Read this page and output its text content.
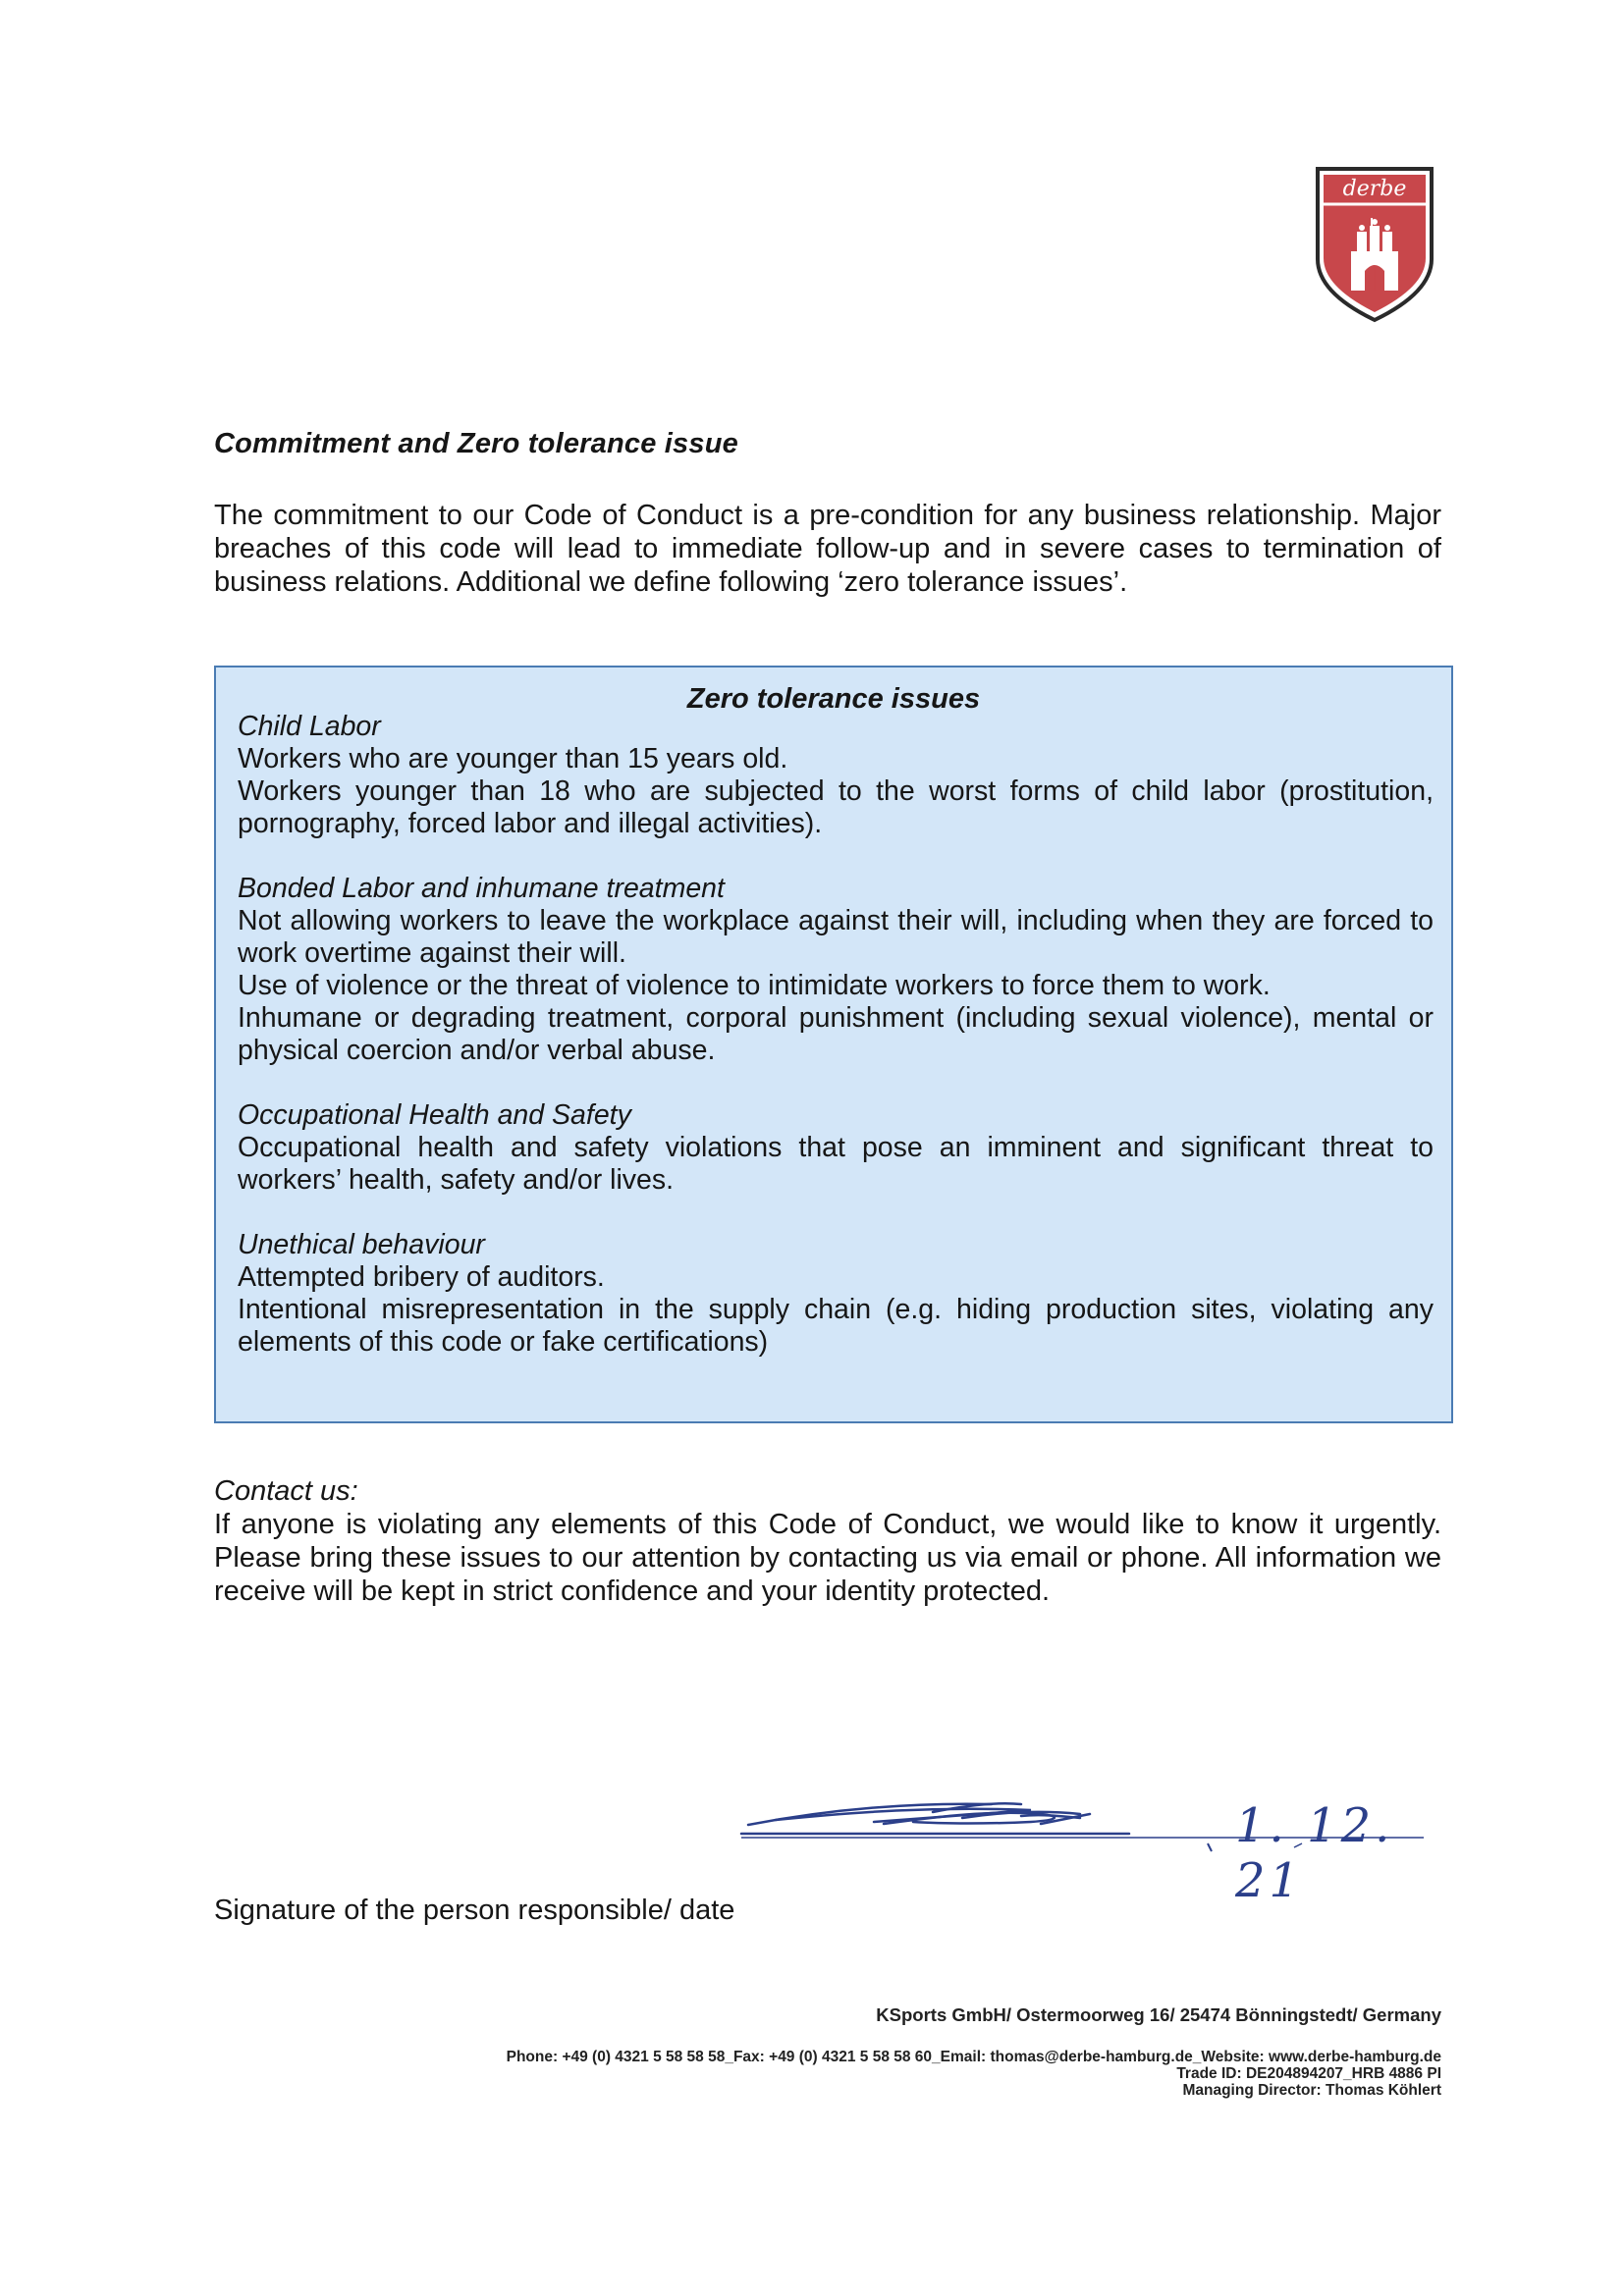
derbe
Commitment and Zero tolerance issue
The commitment to our Code of Conduct is a pre-condition for any business relationship. Major breaches of this code will lead to immediate follow-up and in severe cases to termination of business relations. Additional we define following ‘zero tolerance issues’.
Zero tolerance issues
Child Labor
Workers who are younger than 15 years old.
Workers younger than 18 who are subjected to the worst forms of child labor (prostitution, pornography, forced labor and illegal activities).
Bonded Labor and inhumane treatment
Not allowing workers to leave the workplace against their will, including when they are forced to work overtime against their will.
Use of violence or the threat of violence to intimidate workers to force them to work.
Inhumane or degrading treatment, corporal punishment (including sexual violence), mental or physical coercion and/or verbal abuse.
Occupational Health and Safety
Occupational health and safety violations that pose an imminent and significant threat to workers’ health, safety and/or lives.
Unethical behaviour
Attempted bribery of auditors.
Intentional misrepresentation in the supply chain (e.g. hiding production sites, violating any elements of this code or fake certifications)
Contact us:
If anyone is violating any elements of this Code of Conduct, we would like to know it urgently. Please bring these issues to our attention by contacting us via email or phone. All information we receive will be kept in strict confidence and your identity protected.
1. 12. 21
Signature of the person responsible/ date
KSports GmbH/ Ostermoorweg 16/ 25474 Bönningstedt/ Germany
Phone: +49 (0) 4321 5 58 58 58_Fax: +49 (0) 4321 5 58 58 60_Email: thomas@derbe-hamburg.de_Website: www.derbe-hamburg.de
Trade ID: DE204894207_HRB 4886 PI
Managing Director: Thomas Köhlert
